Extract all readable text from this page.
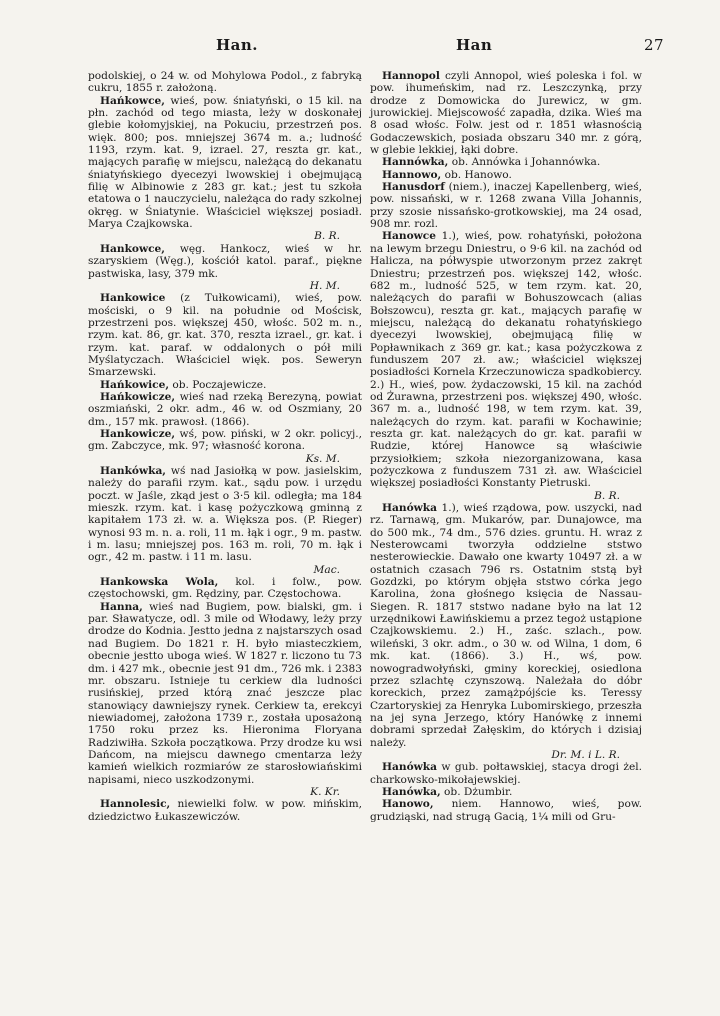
Han.	Han	27

podolskiej, o 24 w. od Mohylowa Podol., z fabryką cukru, 1855 r. założoną.

Hańkowce, wieś, pow. śniatyński, o 15 kil. na płn. zachód od tego miasta, leży w doskonałej glebie kołomyjskiej, na Pokuciu, przestrzeń pos. więk. 800; pos. mniejszej 3674 m. a.; ludność 1193, rzym. kat. 9, izrael. 27, reszta gr. kat., mających parafię w miejscu, należącą do dekanatu śniatyńskiego dyecezyi lwowskiej i obejmującą filię w Albinowie z 283 gr. kat.; jest tu szkoła etatowa o 1 nauczycielu, należąca do rady szkolnej okręg. w Śniatynie. Właściciel większej posiadł. Marya Czajkowska.
B. R.

Hankowce, węg. Hankocz, wieś w hr. szaryskiem (Węg.), kościół katol. paraf., piękne pastwiska, lasy, 379 mk.
H. M.

Hankowice (z Tułkowicami), wieś, pow. mościski, o 9 kil. na południe od Mościsk, przestrzeni pos. większej 450, włośc. 502 m. n., rzym. kat. 86, gr. kat. 370, reszta izrael., gr. kat. i rzym. kat. paraf. w oddalonych o pół mili Myślatyczach. Właściciel więk. pos. Seweryn Smarzewski.

Hańkowice, ob. Poczajewicze.

Hańkowicze, wieś nad rzeką Berezyną, powiat oszmiański, 2 okr. adm., 46 w. od Oszmiany, 20 dm., 157 mk. prawosł. (1866).

Hankowicze, wś, pow. piński, w 2 okr. policyj., gm. Zabczyce, mk. 97; własność korona.
Ks. M.

Hankówka, wś nad Jasiołką w pow. jasielskim, należy do parafii rzym. kat., sądu pow. i urzędu poczt. w Jaśle, zkąd jest o 3·5 kil. odległa; ma 184 mieszk. rzym. kat. i kasę pożyczkową gminną z kapitałem 173 zł. w. a. Większa pos. (P. Rieger) wynosi 93 m. n. a. roli, 11 m. łąk i ogr., 9 m. pastw. i m. lasu; mniejszej pos. 163 m. roli, 70 m. łąk i ogr., 42 m. pastw. i 11 m. lasu.
Mac.

Hankowska Wola, kol. i folw., pow. częstochowski, gm. Rędziny, par. Częstochowa.

Hanna, wieś nad Bugiem, pow. bialski, gm. i par. Sławatycze, odl. 3 mile od Włodawy, leży przy drodze do Kodnia. Jestto jedna z najstarszych osad nad Bugiem. Do 1821 r. H. było miasteczkiem, obecnie jestto uboga wieś. W 1827 r. liczono tu 73 dm. i 427 mk., obecnie jest 91 dm., 726 mk. i 2383 mr. obszaru. Istnieje tu cerkiew dla ludności rusińskiej, przed którą znać jeszcze plac stanowiący dawniejszy rynek. Cerkiew ta, erekcyi niewiadomej, założona 1739 r., została uposażoną 1750 roku przez ks. Hieronima Floryana Radziwiłła. Szkoła początkowa. Przy drodze ku wsi Dańcom, na miejscu dawnego cmentarza leży kamień wielkich rozmiarów ze starosłowiańskimi napisami, nieco uszkodzonymi.
K. Kr.

Hannolesic, niewielki folw. w pow. mińskim, dziedzictwo Łukaszewiczów.

Hannopol czyli Annopol, wieś poleska i fol. w pow. ihumeńskim, nad rz. Leszczynką, przy drodze z Domowicka do Jurewicz, w gm. jurowickiej. Miejscowość zapadła, dzika. Wieś ma 8 osad włośc. Folw. jest od r. 1851 własnością Godaczewskich, posiada obszaru 340 mr. z górą, w glebie lekkiej, łąki dobre.

Hannówka, ob. Annówka i Johannówka.

Hannowo, ob. Hanowo.

Hanusdorf (niem.), inaczej Kapellenberg, wieś, pow. nissański, w r. 1268 zwana Villa Johannis, przy szosie nissańsko-grotkowskiej, ma 24 osad, 908 mr. rozl.

Hanowce 1.), wieś, pow. rohatyński, położona na lewym brzegu Dniestru, o 9·6 kil. na zachód od Halicza, na półwyspie utworzonym przez zakręt Dniestru; przestrzeń pos. większej 142, włośc. 682 m., ludność 525, w tem rzym. kat. 20, należących do parafii w Bohuszowcach (alias Bołszowcu), reszta gr. kat., mających parafię w miejscu, należącą do dekanatu rohatyńskiego dyecezyi lwowskiej, obejmującą filię w Popławnikach z 369 gr. kat.; kasa pożyczkowa z funduszem 207 zł. aw.; właściciel większej posiadłości Kornela Krzeczunowicza spadkobiercy. 2.) H., wieś, pow. żydaczowski, 15 kil. na zachód od Żurawna, przestrzeni pos. większej 490, włośc. 367 m. a., ludność 198, w tem rzym. kat. 39, należących do rzym. kat. parafii w Kochawinie; reszta gr. kat. należących do gr. kat. parafii w Rudzie, której Hanowce są właściwie przysiołkiem; szkoła niezorganizowana, kasa pożyczkowa z funduszem 731 zł. aw. Właściciel większej posiadłości Konstanty Pietruski.
B. R.

Hanówka 1.), wieś rządowa, pow. uszycki, nad rz. Tarnawą, gm. Mukarów, par. Dunajowce, ma do 500 mk., 74 dm., 576 dzies. gruntu. H. wraz z Nesterowcami tworzyła oddzielne ststwo nesterowieckie. Dawało one kwarty 10497 zł. a w ostatnich czasach 796 rs. Ostatnim ststą był Gozdzki, po którym objęła ststwo córka jego Karolina, żona głośnego księcia de Nassau-Siegen. R. 1817 ststwo nadane było na lat 12 urzędnikowi Ławińskiemu a przez tegoż ustąpione Czajkowskiemu. 2.) H., zaśc. szlach., pow. wileński, 3 okr. adm., o 30 w. od Wilna, 1 dom, 6 mk. kat. (1866). 3.) H., wś, pow. nowogradwołyński, gminy koreckiej, osiedlona przez szlachtę czynszową. Należała do dóbr koreckich, przez zamążpójście ks. Teressy Czartoryskiej za Henryka Lubomirskiego, przeszła na jej syna Jerzego, który Hanówkę z innemi dobrami sprzedał Załęskim, do których i dzisiaj należy.
Dr. M. i L. R.

Hanówka w gub. połtawskiej, stacya drogi żel. charkowsko-mikołajewskiej.

Hanówka, ob. Dżumbir.

Hanowo, niem. Hannowo, wieś, pow. grudziąski, nad strugą Gacią, 1¼ mili od Gru-
